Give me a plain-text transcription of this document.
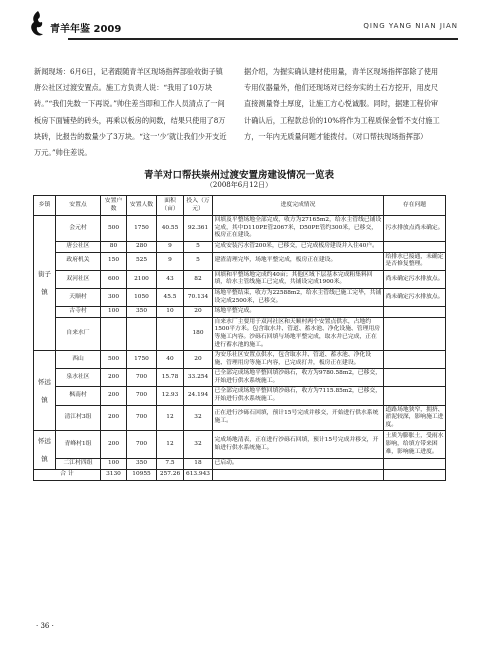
青羊年鉴 2009	QING YANG NIAN JIAN
新闻现场：6月6日，记者跟随青羊区现场指挥部验收街子镇唐公社区过渡安置点。施工方负责人说：“我用了10万块砖。”“我们先数一下再说。”帅住差当即和工作人员清点了一间板房下面铺垫的砖头，再乘以板房的间数，结果只使用了8万块砖，比报告的数量少了3万块。“这一‘少’就让我们少开支近万元。”帅住差说。
据介绍，为握实确认建材使用量，青羊区现场指挥部除了使用专用仪器量外，他们还现场对已经夯实的土石方挖开，用皮尺直接测量脊土厚度，让施工方心悦诚服。同时，据建工程价审计确认后，工程款总价的10%将作为工程质保金暂不支付施工方，一年内无质量问题才能拨付。（对口帮扶现场指挥部）
青羊对口帮扶崇州过渡安置房建设情况一览表
（2008年6月12日）
乡镇	安置点	安置户数	安置人数	面积（亩）	投入（万元）	进度完成情况	存在问题
街子镇	会元村	500	1750	40.55	92.361	回填及平整场地全部完成，收方为27165m2，给水主管线已铺设完成，其中D110PE管2067米，D50PE管约300米，已移交，板房正在建设。	污水排放点尚未确定。
	唐公社区	80	280	9	5	完成安装污水管200米，已移交，已完成板房建设并入住40户。	
	政府机关	150	525	9	5	建渣清理完毕，场地平整完成，板房正在建设。	给排水已接通，未确定是否修复整理。
	双河社区	600	2100	43	82	回填和平整场地完成约40亩；其他区域下层基本完成粗集料回填，给水主管线施工已完成，共铺设完成1900米。	尚未确定污水排放点。
	天顺村	300	1050	45.5	70.134	场地平整结束，收方为22588m2，给水主管线已施工完毕，共铺设完成2500米，已移交。	尚未确定污水排放点。
	古寺村	100	350	10	20	场地平整完成。	
	自来水厂				180	自来水厂主要用于双河社区和天顺村两个安置点供水，占地约1500平方米。包含取水井、管道、蓄水池、净化设施、管理用房等施工内容。沙砾石回填与场地平整完成，取水井已完成，正在进行蓄水池的施工。	
怀远镇	西山	500	1750	40	20	为安乐社区安置点供水，包含取水井、管道、蓄水池、净化设施、管理用房等施工内容，已完成打井，板房正在建设。	
	泉水社区	200	700	15.78	33.254	已全部完成场地平整回填沙砾石，收方为9780.58m2，已移交，开始进行供水系统施工。	
	枫南村	200	700	12.93	24.194	已全部完成场地平整回填沙砾石，收方为7115.85m2，已移交，开始进行供水系统施工。	
	清江村3组	200	700	12	32	正在进行沙砾石回填，预计15号完成并移交，开始进行供水系统施工。	道路场地狭窄，拥挤、淤泥较深，影响施工进度。
怀远镇	青峰村1组	200	700	12	32	完成场地清表，正在进行沙砾石回填，预计15号完成并移交，开始进行供水系统施工。	土质为膨胀土，受雨水影响，给填方带来困难，影响施工进度。
	二江村四组	100	350	7.5	18	已启动。	
合 计		3130	10955	257.26	613.943		
· 36 ·
